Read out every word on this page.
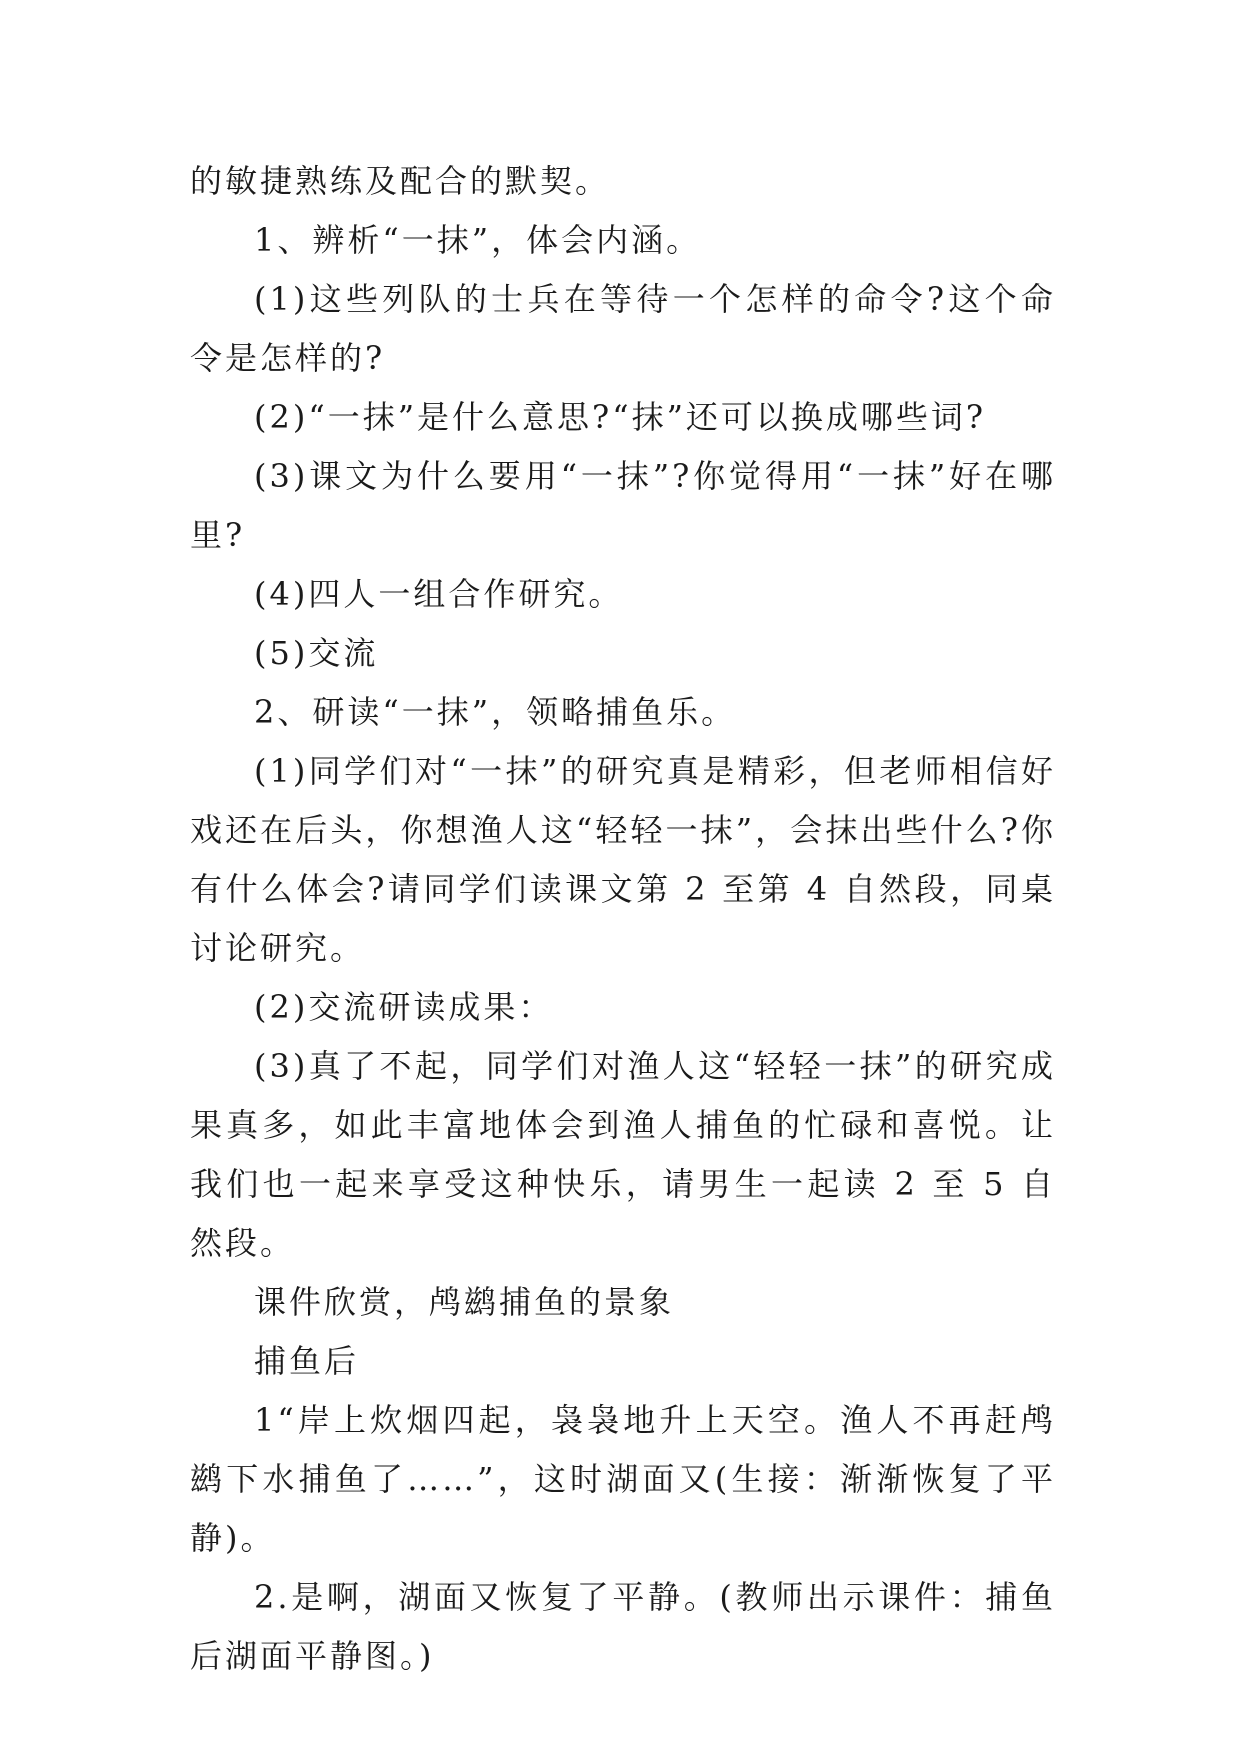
的敏捷熟练及配合的默契。

1、辨析“一抹”，体会内涵。

(1)这些列队的士兵在等待一个怎样的命令?这个命令是怎样的?

(2)“一抹”是什么意思?“抹”还可以换成哪些词?

(3)课文为什么要用“一抹”?你觉得用“一抹”好在哪里?

(4)四人一组合作研究。

(5)交流

2、研读“一抹”，领略捕鱼乐。

(1)同学们对“一抹”的研究真是精彩，但老师相信好戏还在后头，你想渔人这“轻轻一抹”，会抹出些什么?你有什么体会?请同学们读课文第 2 至第 4 自然段，同桌讨论研究。

(2)交流研读成果：

(3)真了不起，同学们对渔人这“轻轻一抹”的研究成果真多，如此丰富地体会到渔人捕鱼的忙碌和喜悦。让我们也一起来享受这种快乐，请男生一起读 2 至 5 自然段。

课件欣赏，鸬鹚捕鱼的景象

捕鱼后

1“岸上炊烟四起，袅袅地升上天空。渔人不再赶鸬鹚下水捕鱼了……”，这时湖面又(生接：渐渐恢复了平静)。

2.是啊，湖面又恢复了平静。(教师出示课件：捕鱼后湖面平静图。)
